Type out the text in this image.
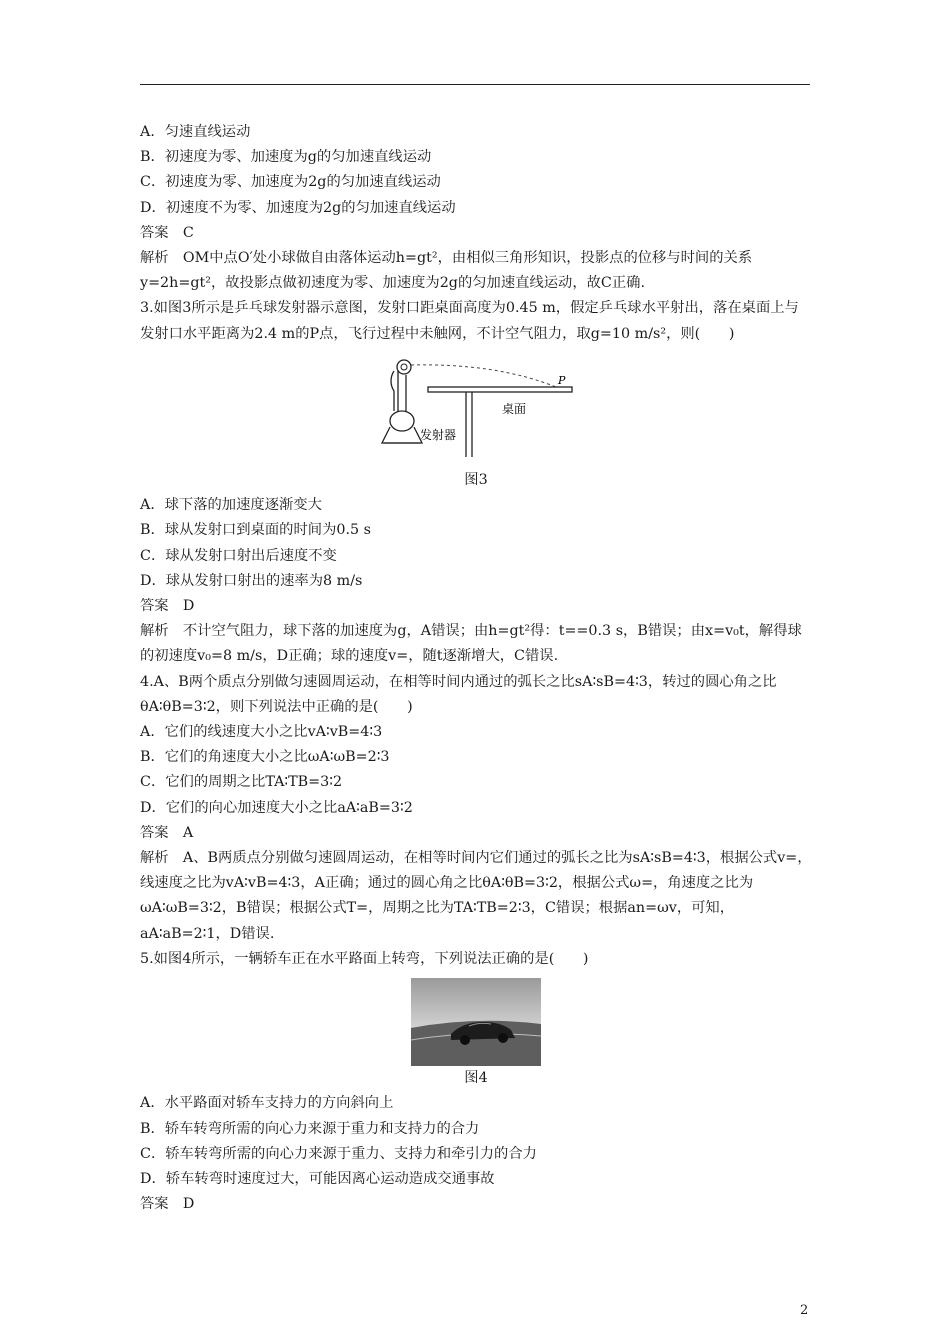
A．匀速直线运动

B．初速度为零、加速度为g的匀加速直线运动

C．初速度为零、加速度为2g的匀加速直线运动

D．初速度不为零、加速度为2g的匀加速直线运动

答案　C

解析　OM中点O′处小球做自由落体运动h=gt²，由相似三角形知识，投影点的位移与时间的关系y=2h=gt²，故投影点做初速度为零、加速度为2g的匀加速直线运动，故C正确.

3.如图3所示是乒乓球发射器示意图，发射口距桌面高度为0.45 m，假定乒乓球水平射出，落在桌面上与发射口水平距离为2.4 m的P点，飞行过程中未触网，不计空气阻力，取g=10 m/s²，则(　　)

P
桌面
发射器

图3

A．球下落的加速度逐渐变大

B．球从发射口到桌面的时间为0.5 s

C．球从发射口射出后速度不变

D．球从发射口射出的速率为8 m/s

答案　D

解析　不计空气阻力，球下落的加速度为g，A错误；由h=gt²得：t==0.3 s，B错误；由x=v₀t，解得球的初速度v₀=8 m/s，D正确；球的速度v=，随t逐渐增大，C错误.

4.A、B两个质点分别做匀速圆周运动，在相等时间内通过的弧长之比sA∶sB=4∶3，转过的圆心角之比θA∶θB=3∶2，则下列说法中正确的是(　　)

A．它们的线速度大小之比vA∶vB=4∶3

B．它们的角速度大小之比ωA∶ωB=2∶3

C．它们的周期之比TA∶TB=3∶2

D．它们的向心加速度大小之比aA∶aB=3∶2

答案　A

解析　A、B两质点分别做匀速圆周运动，在相等时间内它们通过的弧长之比为sA∶sB=4∶3，根据公式v=，线速度之比为vA∶vB=4∶3，A正确；通过的圆心角之比θA∶θB=3∶2，根据公式ω=，角速度之比为ωA∶ωB=3∶2，B错误；根据公式T=，周期之比为TA∶TB=2∶3，C错误；根据an=ωv，可知，aA∶aB=2∶1，D错误.

5.如图4所示，一辆轿车正在水平路面上转弯，下列说法正确的是(　　)

图4

A．水平路面对轿车支持力的方向斜向上

B．轿车转弯所需的向心力来源于重力和支持力的合力

C．轿车转弯所需的向心力来源于重力、支持力和牵引力的合力

D．轿车转弯时速度过大，可能因离心运动造成交通事故

答案　D

2
